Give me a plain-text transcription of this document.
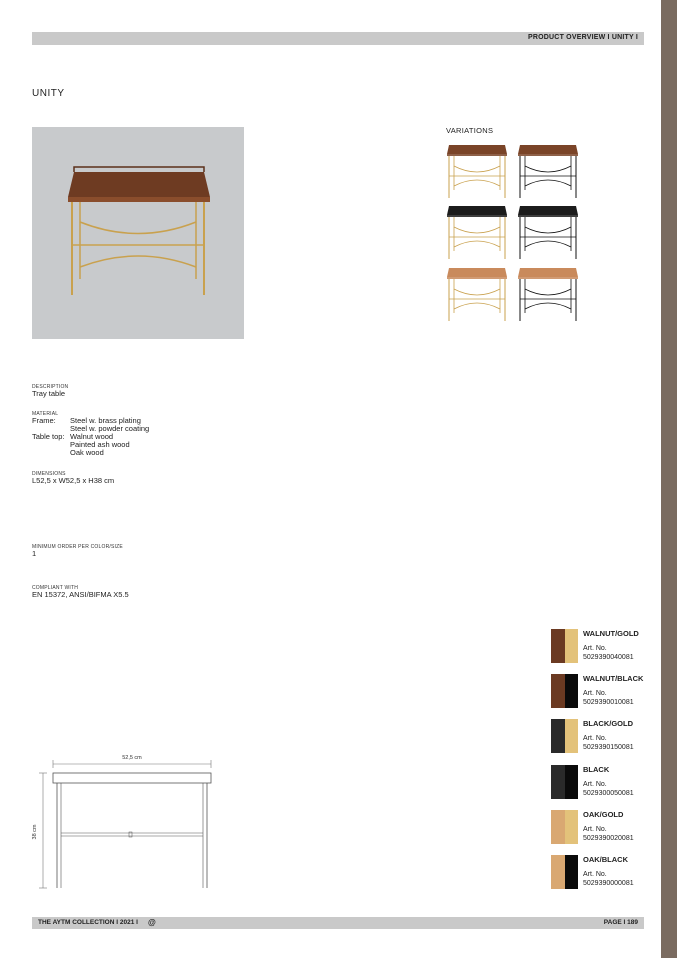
PRODUCT OVERVIEW I UNITY I
UNITY
VARIATIONS
DESCRIPTION
Tray table
MATERIAL
Frame:	Steel w. brass plating
Steel w. powder coating
Table top: Walnut wood
Painted ash wood
Oak wood
DIMENSIONS
L52,5 x W52,5 x H38 cm
MINIMUM ORDER PER COLOR/SIZE
1
COMPLIANT WITH
EN 15372, ANSI/BIFMA X5.5
WALNUT/GOLD
Art. No.
5029390040081
WALNUT/BLACK
Art. No.
5029390010081
BLACK/GOLD
Art. No.
5029390150081
BLACK
Art. No.
5029300050081
OAK/GOLD
Art. No.
5029390020081
OAK/BLACK
Art. No.
5029390000081
52,5 cm
38 cm
THE AYTM COLLECTION I 2021 I @	PAGE I 189
